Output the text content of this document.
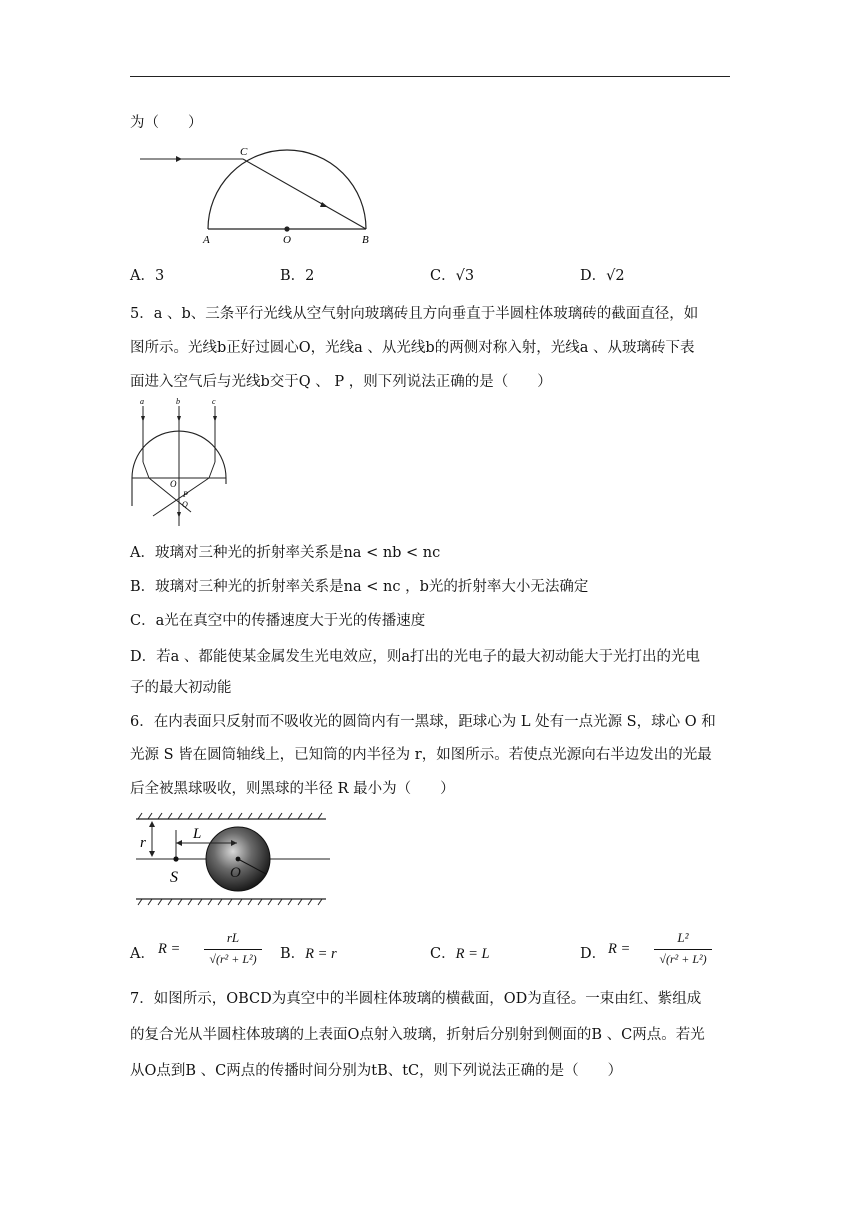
为（　　）
A	O	B
C
A．3	B．2	C．√3	D．√2
5．a 、b、三条平行光线从空气射向玻璃砖且方向垂直于半圆柱体玻璃砖的截面直径，如
图所示。光线b正好过圆心O，光线a 、从光线b的两侧对称入射，光线a 、从玻璃砖下表
面进入空气后与光线b交于Q 、 P ，则下列说法正确的是（　　）
a	b	c
O
P
Q
A．玻璃对三种光的折射率关系是na < nb < nc
B．玻璃对三种光的折射率关系是na < nc ，b光的折射率大小无法确定
C．a光在真空中的传播速度大于光的传播速度
D．若a 、都能使某金属发生光电效应，则a打出的光电子的最大初动能大于光打出的光电
子的最大初动能
6．在内表面只反射而不吸收光的圆筒内有一黑球，距球心为 L 处有一点光源 S，球心 O 和
光源 S 皆在圆筒轴线上，已知筒的内半径为 r，如图所示。若使点光源向右半边发出的光最
后全被黑球吸收，则黑球的半径 R 最小为（　　）
r
L
S	O
A． R =
rL
√(r² + L²)	B．R = r	C．R = L	D． R =
L²
√(r² + L²)
7．如图所示，OBCD为真空中的半圆柱体玻璃的横截面，OD为直径。一束由红、紫组成
的复合光从半圆柱体玻璃的上表面O点射入玻璃，折射后分别射到侧面的B 、C两点。若光
从O点到B 、C两点的传播时间分别为tB、tC，则下列说法正确的是（　　）
